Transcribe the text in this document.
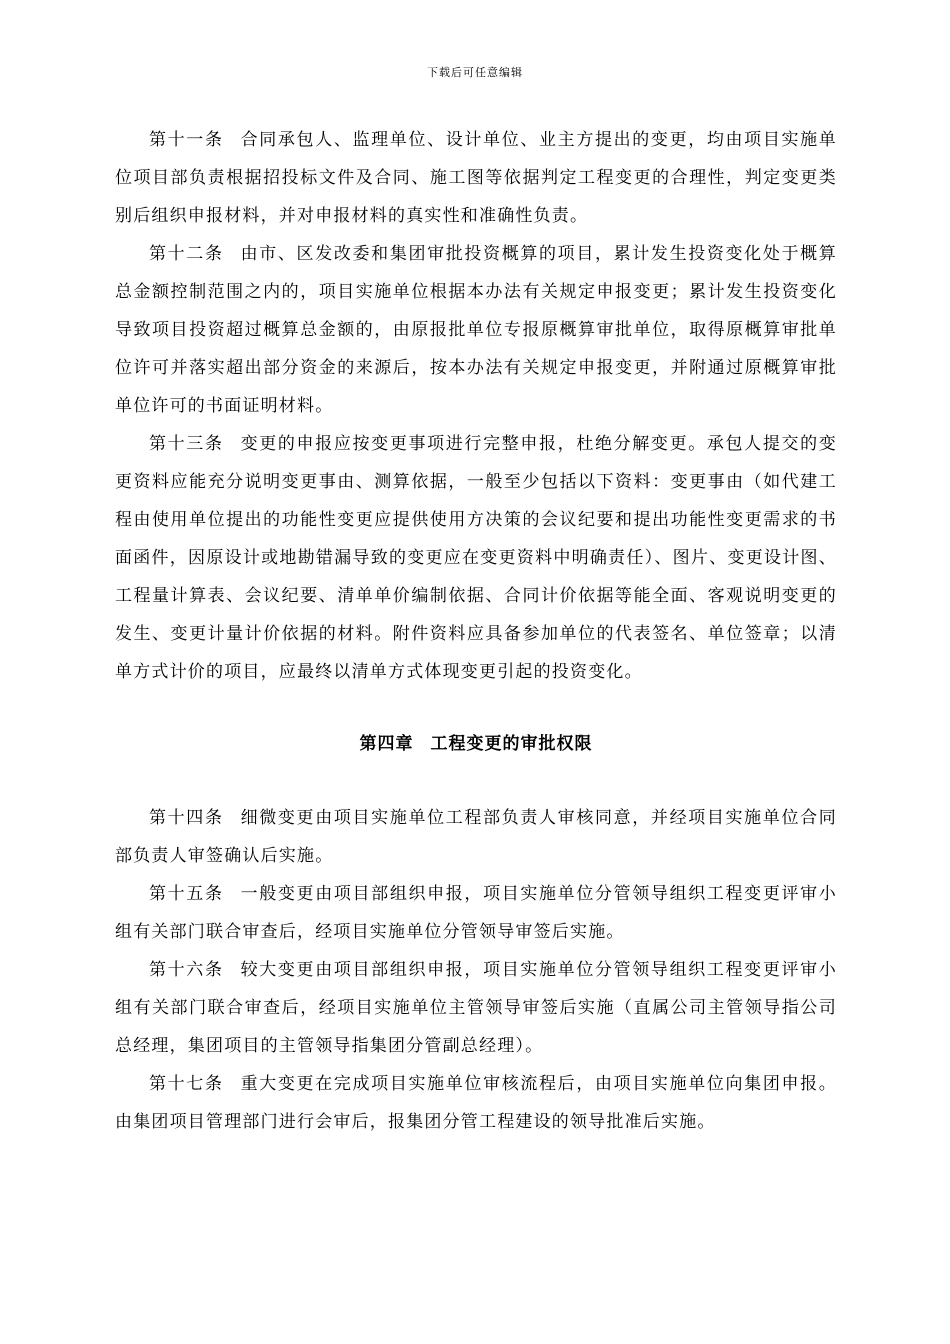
下载后可任意编辑

第十一条 合同承包人、监理单位、设计单位、业主方提出的变更，均由项目实施单位项目部负责根据招投标文件及合同、施工图等依据判定工程变更的合理性，判定变更类别后组织申报材料，并对申报材料的真实性和准确性负责。

第十二条 由市、区发改委和集团审批投资概算的项目，累计发生投资变化处于概算总金额控制范围之内的，项目实施单位根据本办法有关规定申报变更；累计发生投资变化导致项目投资超过概算总金额的，由原报批单位专报原概算审批单位，取得原概算审批单位许可并落实超出部分资金的来源后，按本办法有关规定申报变更，并附通过原概算审批单位许可的书面证明材料。

第十三条 变更的申报应按变更事项进行完整申报，杜绝分解变更。承包人提交的变更资料应能充分说明变更事由、测算依据，一般至少包括以下资料：变更事由（如代建工程由使用单位提出的功能性变更应提供使用方决策的会议纪要和提出功能性变更需求的书面函件，因原设计或地勘错漏导致的变更应在变更资料中明确责任）、图片、变更设计图、工程量计算表、会议纪要、清单单价编制依据、合同计价依据等能全面、客观说明变更的发生、变更计量计价依据的材料。附件资料应具备参加单位的代表签名、单位签章；以清单方式计价的项目，应最终以清单方式体现变更引起的投资变化。

第四章 工程变更的审批权限

第十四条 细微变更由项目实施单位工程部负责人审核同意，并经项目实施单位合同部负责人审签确认后实施。

第十五条 一般变更由项目部组织申报，项目实施单位分管领导组织工程变更评审小组有关部门联合审查后，经项目实施单位分管领导审签后实施。

第十六条 较大变更由项目部组织申报，项目实施单位分管领导组织工程变更评审小组有关部门联合审查后，经项目实施单位主管领导审签后实施（直属公司主管领导指公司总经理，集团项目的主管领导指集团分管副总经理）。

第十七条 重大变更在完成项目实施单位审核流程后，由项目实施单位向集团申报。由集团项目管理部门进行会审后，报集团分管工程建设的领导批准后实施。
